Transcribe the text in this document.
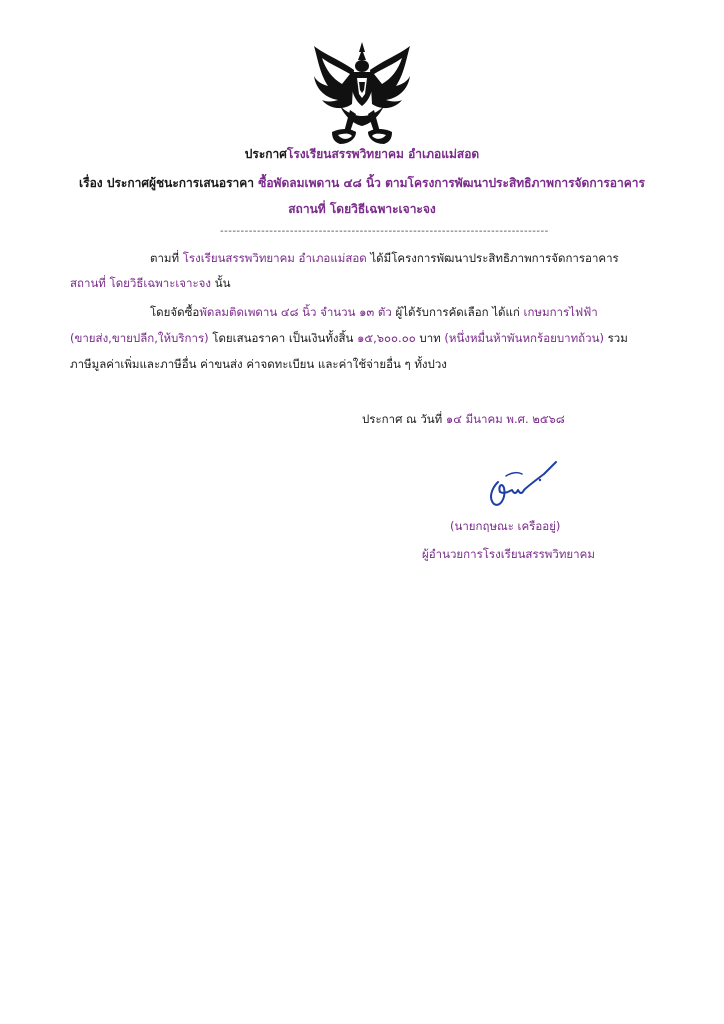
ประกาศโรงเรียนสรรพวิทยาคม อำเภอแม่สอด
เรื่อง ประกาศผู้ชนะการเสนอราคา ซื้อพัดลมเพดาน ๔๘ นิ้ว ตามโครงการพัฒนาประสิทธิภาพการจัดการอาคาร
สถานที่ โดยวิธีเฉพาะเจาะจง
--------------------------------------------------------------------------------
ตามที่ โรงเรียนสรรพวิทยาคม อำเภอแม่สอด ได้มีโครงการพัฒนาประสิทธิภาพการจัดการอาคาร
สถานที่ โดยวิธีเฉพาะเจาะจง นั้น
โดยจัดซื้อพัดลมติดเพดาน ๔๘ นิ้ว จำนวน ๑๓ ตัว ผู้ได้รับการคัดเลือก ได้แก่ เกษมการไฟฟ้า
(ขายส่ง,ขายปลีก,ให้บริการ) โดยเสนอราคา เป็นเงินทั้งสิ้น ๑๕,๖๐๐.๐๐ บาท (หนึ่งหมื่นห้าพันหกร้อยบาทถ้วน) รวม
ภาษีมูลค่าเพิ่มและภาษีอื่น ค่าขนส่ง ค่าจดทะเบียน และค่าใช้จ่ายอื่น ๆ ทั้งปวง
ประกาศ ณ วันที่ ๑๔ มีนาคม พ.ศ. ๒๕๖๘
(นายกฤษณะ เครืออยู่)
ผู้อำนวยการโรงเรียนสรรพวิทยาคม
